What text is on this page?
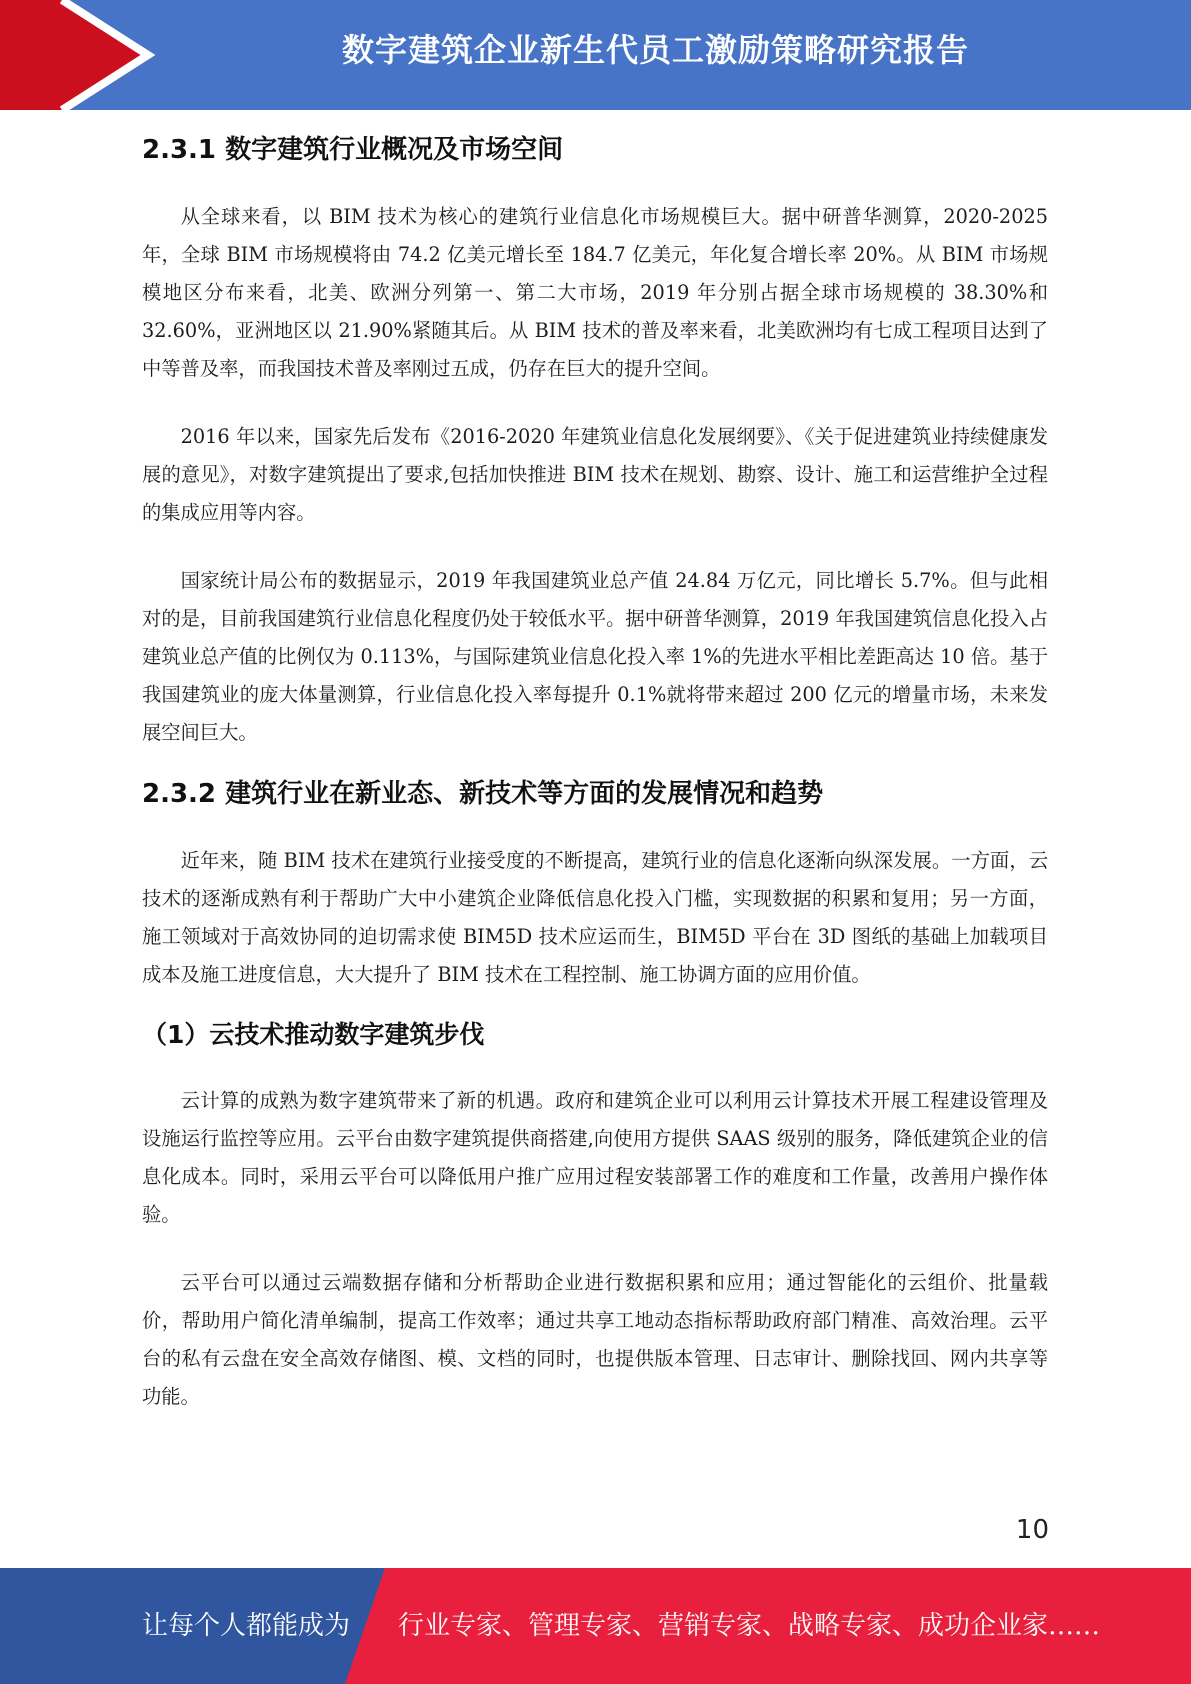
数字建筑企业新生代员工激励策略研究报告
2.3.1 数字建筑行业概况及市场空间

从全球来看，以 BIM 技术为核心的建筑行业信息化市场规模巨大。据中研普华测算，2020-2025 年，全球 BIM 市场规模将由 74.2 亿美元增长至 184.7 亿美元，年化复合增长率 20%。从 BIM 市场规模地区分布来看，北美、欧洲分列第一、第二大市场，2019 年分别占据全球市场规模的 38.30%和 32.60%，亚洲地区以 21.90%紧随其后。从 BIM 技术的普及率来看，北美欧洲均有七成工程项目达到了中等普及率，而我国技术普及率刚过五成，仍存在巨大的提升空间。

2016 年以来，国家先后发布《2016-2020 年建筑业信息化发展纲要》、《关于促进建筑业持续健康发展的意见》，对数字建筑提出了要求,包括加快推进 BIM 技术在规划、勘察、设计、施工和运营维护全过程的集成应用等内容。

国家统计局公布的数据显示，2019 年我国建筑业总产值 24.84 万亿元，同比增长 5.7%。但与此相对的是，目前我国建筑行业信息化程度仍处于较低水平。据中研普华测算，2019 年我国建筑信息化投入占建筑业总产值的比例仅为 0.113%，与国际建筑业信息化投入率 1%的先进水平相比差距高达 10 倍。基于我国建筑业的庞大体量测算，行业信息化投入率每提升 0.1%就将带来超过 200 亿元的增量市场，未来发展空间巨大。

2.3.2 建筑行业在新业态、新技术等方面的发展情况和趋势

近年来，随 BIM 技术在建筑行业接受度的不断提高，建筑行业的信息化逐渐向纵深发展。一方面，云技术的逐渐成熟有利于帮助广大中小建筑企业降低信息化投入门槛，实现数据的积累和复用；另一方面，施工领域对于高效协同的迫切需求使 BIM5D 技术应运而生，BIM5D 平台在 3D 图纸的基础上加载项目成本及施工进度信息，大大提升了 BIM 技术在工程控制、施工协调方面的应用价值。

（1）云技术推动数字建筑步伐

云计算的成熟为数字建筑带来了新的机遇。政府和建筑企业可以利用云计算技术开展工程建设管理及设施运行监控等应用。云平台由数字建筑提供商搭建,向使用方提供 SAAS 级别的服务，降低建筑企业的信息化成本。同时，采用云平台可以降低用户推广应用过程安装部署工作的难度和工作量，改善用户操作体验。

云平台可以通过云端数据存储和分析帮助企业进行数据积累和应用；通过智能化的云组价、批量载价，帮助用户简化清单编制，提高工作效率；通过共享工地动态指标帮助政府部门精准、高效治理。云平台的私有云盘在安全高效存储图、模、文档的同时，也提供版本管理、日志审计、删除找回、网内共享等功能。

10
让每个人都能成为 行业专家、管理专家、营销专家、战略专家、成功企业家……
